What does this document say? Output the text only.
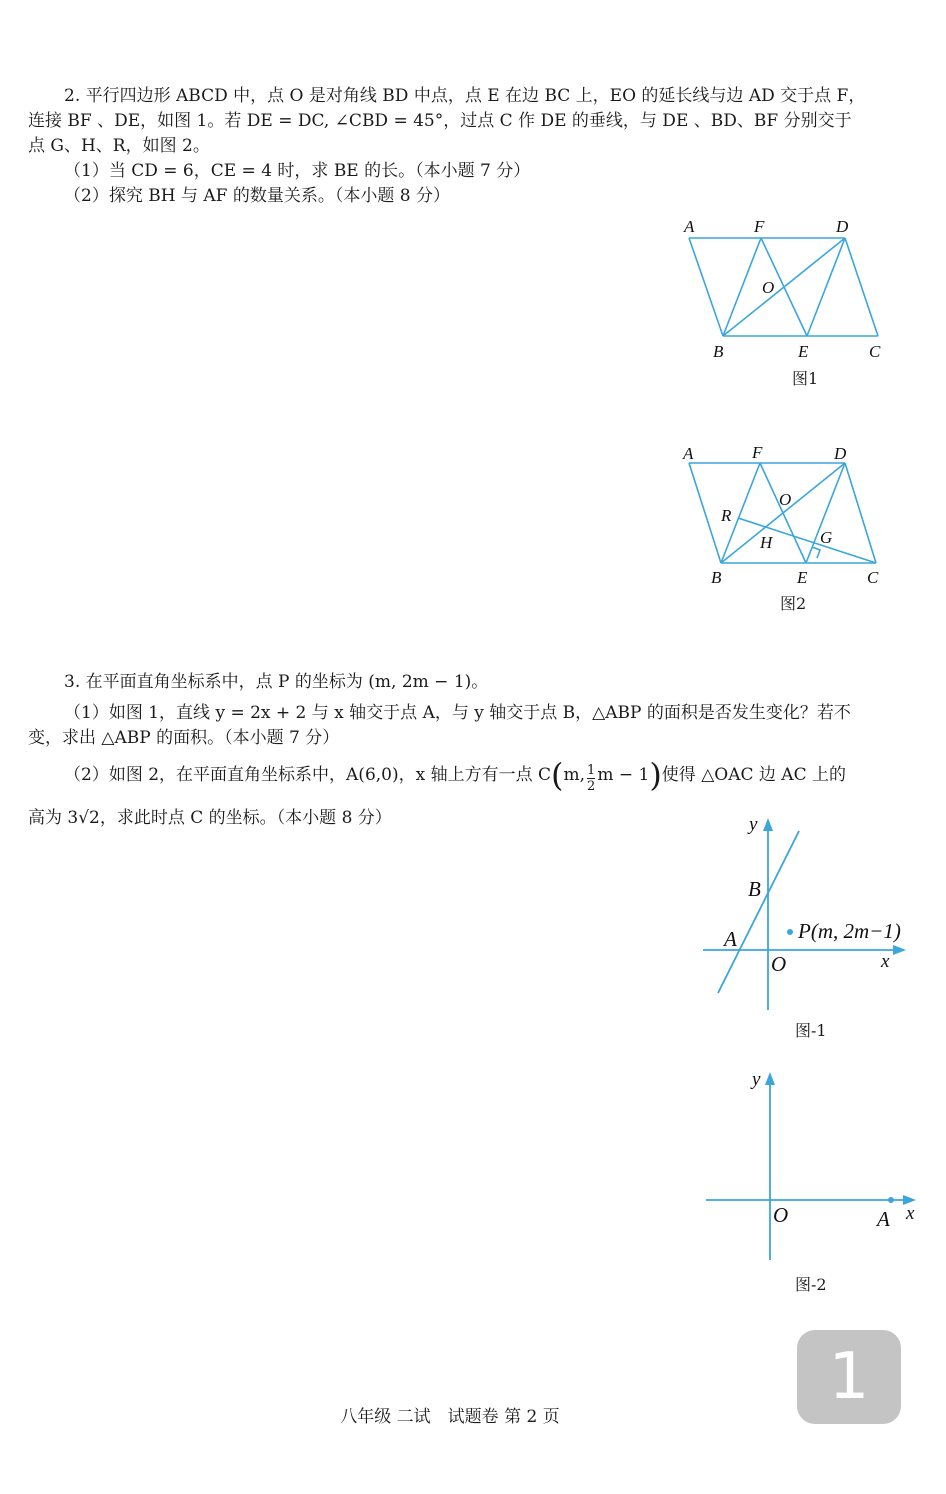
2. 平行四边形 ABCD 中，点 O 是对角线 BD 中点，点 E 在边 BC 上，EO 的延长线与边 AD 交于点 F，
连接 BF 、DE，如图 1。若 DE = DC, ∠CBD = 45°，过点 C 作 DE 的垂线，与 DE 、BD、BF 分别交于
点 G、H、R，如图 2。
（1）当 CD = 6，CE = 4 时，求 BE 的长。（本小题 7 分）
（2）探究 BH 与 AF 的数量关系。（本小题 8 分）
A	F	D
O
B	E	C
图1
A	F	D
O
R
H	G
B	E	C
图2
3. 在平面直角坐标系中，点 P 的坐标为 (m, 2m − 1)。
（1）如图 1，直线 y = 2x + 2 与 x 轴交于点 A，与 y 轴交于点 B，△ABP 的面积是否发生变化？若不
变，求出 △ABP 的面积。（本小题 7 分）
（2）如图 2，在平面直角坐标系中，A(6,0)，x 轴上方有一点 C(m, $\frac{1}{2}$ m − 1)使得 △OAC 边 AC 上的
高为 3√2，求此时点 C 的坐标。（本小题 8 分）	y
B
A
O	x
P(m, 2m−1)
图-1
y
O	A x
图-2
八年级 二试　试题卷 第 2 页
1
